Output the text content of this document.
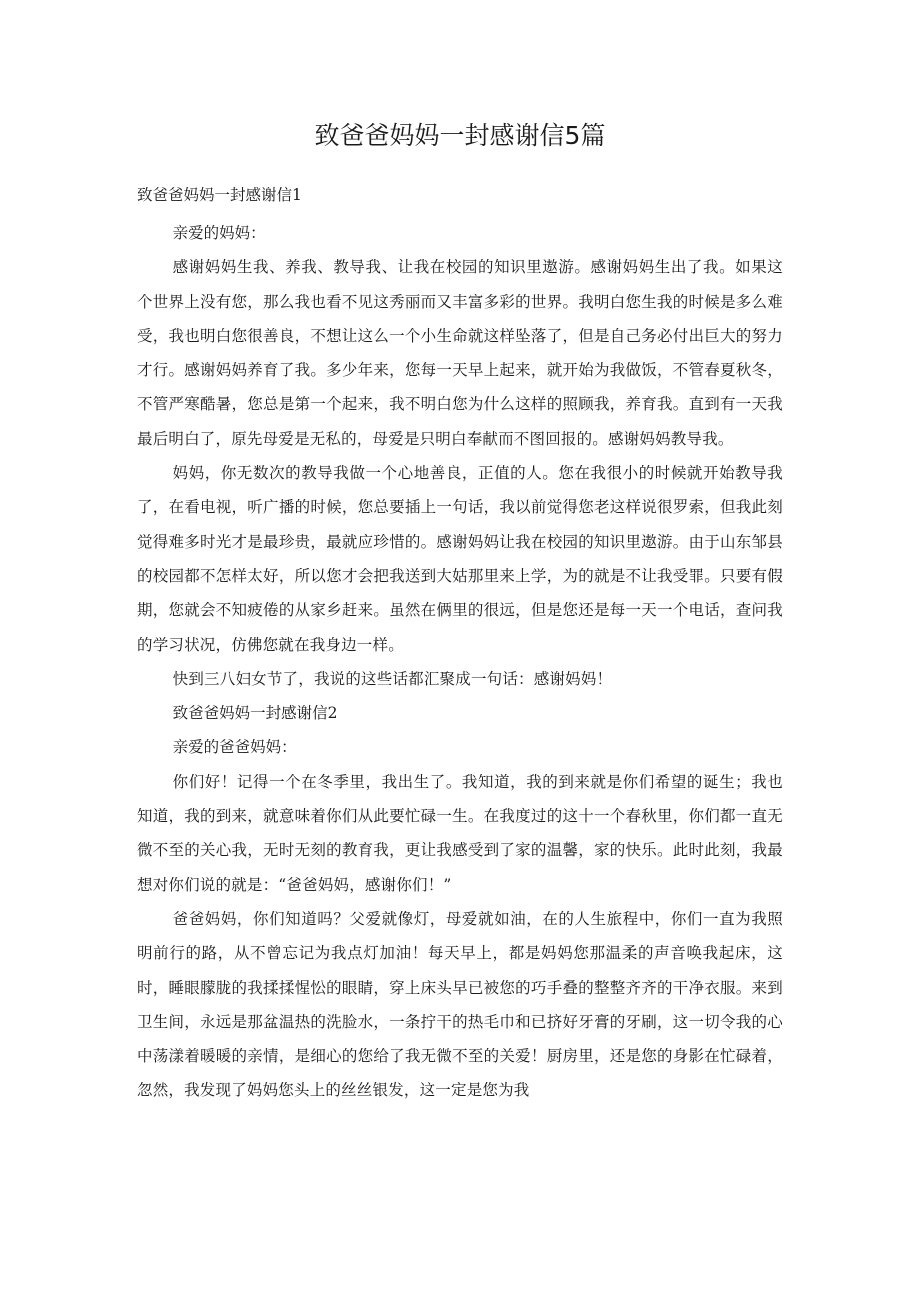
致爸爸妈妈一封感谢信5篇
致爸爸妈妈一封感谢信1

亲爱的妈妈：

感谢妈妈生我、养我、教导我、让我在校园的知识里遨游。感谢妈妈生出了我。如果这个世界上没有您，那么我也看不见这秀丽而又丰富多彩的世界。我明白您生我的时候是多么难受，我也明白您很善良，不想让这么一个小生命就这样坠落了，但是自己务必付出巨大的努力才行。感谢妈妈养育了我。多少年来，您每一天早上起来，就开始为我做饭，不管春夏秋冬，不管严寒酷暑，您总是第一个起来，我不明白您为什么这样的照顾我，养育我。直到有一天我最后明白了，原先母爱是无私的，母爱是只明白奉献而不图回报的。感谢妈妈教导我。

妈妈，你无数次的教导我做一个心地善良，正值的人。您在我很小的时候就开始教导我了，在看电视，听广播的时候，您总要插上一句话，我以前觉得您老这样说很罗索，但我此刻觉得难多时光才是最珍贵，最就应珍惜的。感谢妈妈让我在校园的知识里遨游。由于山东邹县的校园都不怎样太好，所以您才会把我送到大姑那里来上学，为的就是不让我受罪。只要有假期，您就会不知疲倦的从家乡赶来。虽然在俩里的很远，但是您还是每一天一个电话，查问我的学习状况，仿佛您就在我身边一样。

快到三八妇女节了，我说的这些话都汇聚成一句话：感谢妈妈！

致爸爸妈妈一封感谢信2

亲爱的爸爸妈妈：

你们好！记得一个在冬季里，我出生了。我知道，我的到来就是你们希望的诞生；我也知道，我的到来，就意味着你们从此要忙碌一生。在我度过的这十一个春秋里，你们都一直无微不至的关心我，无时无刻的教育我，更让我感受到了家的温馨，家的快乐。此时此刻，我最想对你们说的就是：“爸爸妈妈，感谢你们！”

爸爸妈妈，你们知道吗？父爱就像灯，母爱就如油，在的人生旅程中，你们一直为我照明前行的路，从不曾忘记为我点灯加油！每天早上，都是妈妈您那温柔的声音唤我起床，这时，睡眼朦胧的我揉揉惺忪的眼睛，穿上床头早已被您的巧手叠的整整齐齐的干净衣服。来到卫生间，永远是那盆温热的洗脸水，一条拧干的热毛巾和已挤好牙膏的牙刷，这一切令我的心中荡漾着暖暖的亲情，是细心的您给了我无微不至的关爱！厨房里，还是您的身影在忙碌着，忽然，我发现了妈妈您头上的丝丝银发，这一定是您为我
